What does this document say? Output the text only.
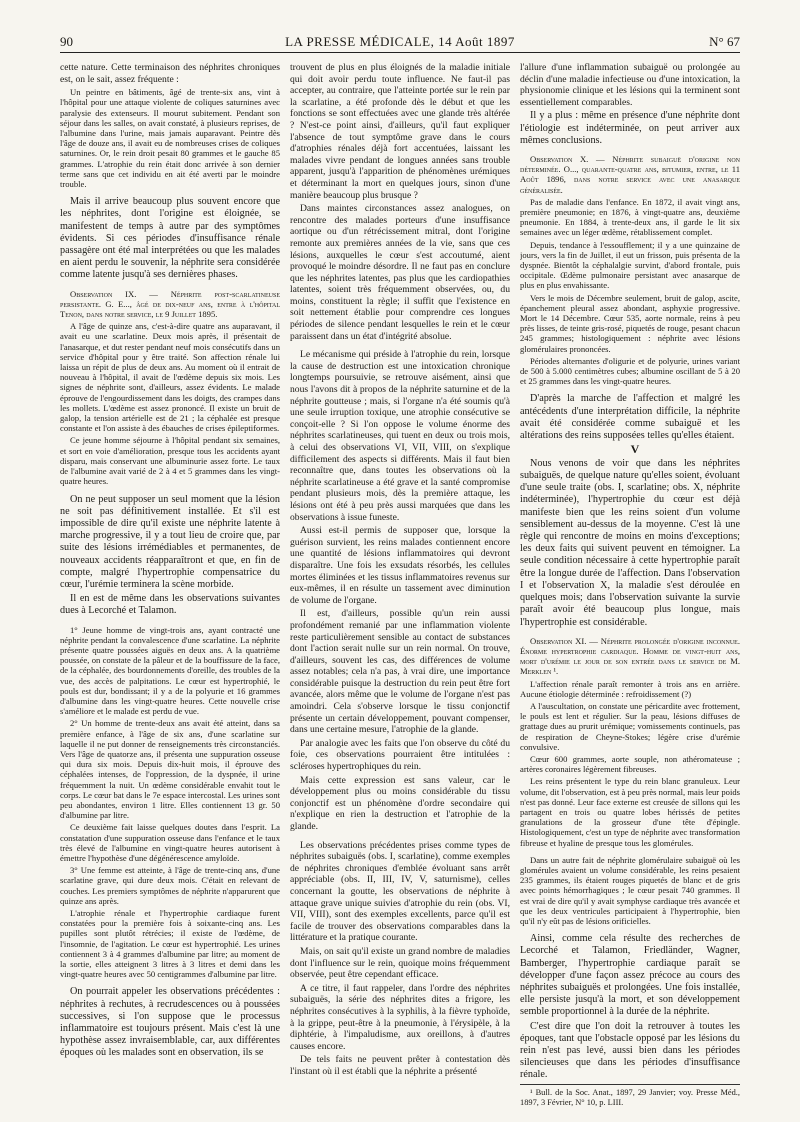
90	LA PRESSE MÉDICALE, 14 Août 1897	N° 67

cette nature. Cette terminaison des néphrites chroniques est, on le sait, assez fréquente :

Un peintre en bâtiments, âgé de trente-six ans, vint à l'hôpital pour une attaque violente de coliques saturnines avec paralysie des extenseurs. Il mourut subitement. Pendant son séjour dans les salles, on avait constaté, à plusieurs reprises, de l'albumine dans l'urine, mais jamais auparavant. Peintre dès l'âge de douze ans, il avait eu de nombreuses crises de coliques saturnines. Or, le rein droit pesait 80 grammes et le gauche 85 grammes. L'atrophie du rein était donc arrivée à son dernier terme sans que cet individu en ait été averti par le moindre trouble.

Mais il arrive beaucoup plus souvent encore que les néphrites, dont l'origine est éloignée, se manifestent de temps à autre par des symptômes évidents. Si ces périodes d'insuffisance rénale passagère ont été mal interprétées ou que les malades en aient perdu le souvenir, la néphrite sera considérée comme latente jusqu'à ses dernières phases.

Observation IX. — Néphrite post-scarlatineuse persistante. G. E..., âgé de dix-neuf ans, entre à l'hôpital Tenon, dans notre service, le 9 Juillet 1895.

A l'âge de quinze ans, c'est-à-dire quatre ans auparavant, il avait eu une scarlatine. Deux mois après, il présentait de l'anasarque, et dut rester pendant neuf mois consécutifs dans un service d'hôpital pour y être traité. Son affection rénale lui laissa un répit de plus de deux ans. Au moment où il entrait de nouveau à l'hôpital, il avait de l'œdème depuis six mois. Les signes de néphrite sont, d'ailleurs, assez évidents. Le malade éprouve de l'engourdissement dans les doigts, des crampes dans les mollets. L'œdème est assez prononcé. Il existe un bruit de galop, la tension artérielle est de 21 ; la céphalée est presque constante et l'on assiste à des ébauches de crises épileptiformes.

Ce jeune homme séjourne à l'hôpital pendant six semaines, et sort en voie d'amélioration, presque tous les accidents ayant disparu, mais conservant une albuminurie assez forte. Le taux de l'albumine avait varié de 2 à 4 et 5 grammes dans les vingt-quatre heures.

On ne peut supposer un seul moment que la lésion ne soit pas définitivement installée. Et s'il est impossible de dire qu'il existe une néphrite latente à marche progressive, il y a tout lieu de croire que, par suite des lésions irrémédiables et permanentes, de nouveaux accidents réapparaîtront et que, en fin de compte, malgré l'hypertrophie compensatrice du cœur, l'urémie terminera la scène morbide.

Il en est de même dans les observations suivantes dues à Lecorché et Talamon.

1° Jeune homme de vingt-trois ans, ayant contracté une néphrite pendant la convalescence d'une scarlatine. La néphrite présente quatre poussées aiguës en deux ans. A la quatrième poussée, on constate de la pâleur et de la bouffissure de la face, de la céphalée, des bourdonnements d'oreille, des troubles de la vue, des accès de palpitations. Le cœur est hypertrophié, le pouls est dur, bondissant; il y a de la polyurie et 16 grammes d'albumine dans les vingt-quatre heures. Cette nouvelle crise s'améliore et le malade est perdu de vue.

2° Un homme de trente-deux ans avait été atteint, dans sa première enfance, à l'âge de six ans, d'une scarlatine sur laquelle il ne put donner de renseignements très circonstanciés. Vers l'âge de quatorze ans, il présenta une suppuration osseuse qui dura six mois. Depuis dix-huit mois, il éprouve des céphalées intenses, de l'oppression, de la dyspnée, il urine fréquemment la nuit. Un œdème considérable envahit tout le corps. Le cœur bat dans le 7e espace intercostal. Les urines sont peu abondantes, environ 1 litre. Elles contiennent 13 gr. 50 d'albumine par litre.

Ce deuxième fait laisse quelques doutes dans l'esprit. La constatation d'une suppuration osseuse dans l'enfance et le taux très élevé de l'albumine en vingt-quatre heures autorisent à émettre l'hypothèse d'une dégénérescence amyloïde.

3° Une femme est atteinte, à l'âge de trente-cinq ans, d'une scarlatine grave, qui dure deux mois. C'était en relevant de couches. Les premiers symptômes de néphrite n'apparurent que quinze ans après.

L'atrophie rénale et l'hypertrophie cardiaque furent constatées pour la première fois à soixante-cinq ans. Les pupilles sont plutôt rétrécies; il existe de l'œdème, de l'insomnie, de l'agitation. Le cœur est hypertrophié. Les urines contiennent 3 à 4 grammes d'albumine par litre; au moment de la sortie, elles atteignent 3 litres à 3 litres et demi dans les vingt-quatre heures avec 50 centigrammes d'albumine par litre.

On pourrait appeler les observations précédentes : néphrites à rechutes, à recrudescences ou à poussées successives, si l'on suppose que le processus inflammatoire est toujours présent. Mais c'est là une hypothèse assez invraisemblable, car, aux différentes époques où les malades sont en observation, ils se

trouvent de plus en plus éloignés de la maladie initiale qui doit avoir perdu toute influence. Ne faut-il pas accepter, au contraire, que l'atteinte portée sur le rein par la scarlatine, a été profonde dès le début et que les fonctions se sont effectuées avec une glande très altérée ? N'est-ce point ainsi, d'ailleurs, qu'il faut expliquer l'absence de tout symptôme grave dans le cours d'atrophies rénales déjà fort accentuées, laissant les malades vivre pendant de longues années sans trouble apparent, jusqu'à l'apparition de phénomènes urémiques et déterminant la mort en quelques jours, sinon d'une manière beaucoup plus brusque ?

Dans maintes circonstances assez analogues, on rencontre des malades porteurs d'une insuffisance aortique ou d'un rétrécissement mitral, dont l'origine remonte aux premières années de la vie, sans que ces lésions, auxquelles le cœur s'est accoutumé, aient provoqué le moindre désordre. Il ne faut pas en conclure que les néphrites latentes, pas plus que les cardiopathies latentes, soient très fréquemment observées, ou, du moins, constituent la règle; il suffit que l'existence en soit nettement établie pour comprendre ces longues périodes de silence pendant lesquelles le rein et le cœur paraissent dans un état d'intégrité absolue.

Le mécanisme qui préside à l'atrophie du rein, lorsque la cause de destruction est une intoxication chronique longtemps poursuivie, se retrouve aisément, ainsi que nous l'avons dit à propos de la néphrite saturnine et de la néphrite goutteuse ; mais, si l'organe n'a été soumis qu'à une seule irruption toxique, une atrophie consécutive se conçoit-elle ? Si l'on oppose le volume énorme des néphrites scarlatineuses, qui tuent en deux ou trois mois, à celui des observations VI, VII, VIII, on s'explique difficilement des aspects si différents. Mais il faut bien reconnaître que, dans toutes les observations où la néphrite scarlatineuse a été grave et la santé compromise pendant plusieurs mois, dès la première attaque, les lésions ont été à peu près aussi marquées que dans les observations à issue funeste.

Aussi est-il permis de supposer que, lorsque la guérison survient, les reins malades contiennent encore une quantité de lésions inflammatoires qui devront disparaître. Une fois les exsudats résorbés, les cellules mortes éliminées et les tissus inflammatoires revenus sur eux-mêmes, il en résulte un tassement avec diminution de volume de l'organe.

Il est, d'ailleurs, possible qu'un rein aussi profondément remanié par une inflammation violente reste particulièrement sensible au contact de substances dont l'action serait nulle sur un rein normal. On trouve, d'ailleurs, souvent les cas, des différences de volume assez notables; cela n'a pas, à vrai dire, une importance considérable puisque la destruction du rein peut être fort avancée, alors même que le volume de l'organe n'est pas amoindri. Cela s'observe lorsque le tissu conjonctif présente un certain développement, pouvant compenser, dans une certaine mesure, l'atrophie de la glande.

Par analogie avec les faits que l'on observe du côté du foie, ces observations pourraient être intitulées : scléroses hypertrophiques du rein.

Mais cette expression est sans valeur, car le développement plus ou moins considérable du tissu conjonctif est un phénomène d'ordre secondaire qui n'explique en rien la destruction et l'atrophie de la glande.

Les observations précédentes prises comme types de néphrites subaiguës (obs. I, scarlatine), comme exemples de néphrites chroniques d'emblée évoluant sans arrêt appréciable (obs. II, III, IV, V, saturnisme), celles concernant la goutte, les observations de néphrite à attaque grave unique suivies d'atrophie du rein (obs. VI, VII, VIII), sont des exemples excellents, parce qu'il est facile de trouver des observations comparables dans la littérature et la pratique courante.

Mais, on sait qu'il existe un grand nombre de maladies dont l'influence sur le rein, quoique moins fréquemment observée, peut être cependant efficace.

A ce titre, il faut rappeler, dans l'ordre des néphrites subaiguës, la série des néphrites dites a frigore, les néphrites consécutives à la syphilis, à la fièvre typhoïde, à la grippe, peut-être à la pneumonie, à l'érysipèle, à la diphtérie, à l'impaludisme, aux oreillons, à d'autres causes encore.

De tels faits ne peuvent prêter à contestation dès l'instant où il est établi que la néphrite a présenté

l'allure d'une inflammation subaiguë ou prolongée au déclin d'une maladie infectieuse ou d'une intoxication, la physionomie clinique et les lésions qui la terminent sont essentiellement comparables.

Il y a plus : même en présence d'une néphrite dont l'étiologie est indéterminée, on peut arriver aux mêmes conclusions.

Observation X. — Néphrite subaiguë d'origine non déterminée. O..., quarante-quatre ans, bitumier, entre, le 11 Août 1896, dans notre service avec une anasarque généralisée.

Pas de maladie dans l'enfance. En 1872, il avait vingt ans, première pneumonie; en 1876, à vingt-quatre ans, deuxième pneumonie. En 1884, à trente-deux ans, il garde le lit six semaines avec un léger œdème, rétablissement complet.

Depuis, tendance à l'essoufflement; il y a une quinzaine de jours, vers la fin de Juillet, il eut un frisson, puis présenta de la dyspnée. Bientôt la céphalalgie survint, d'abord frontale, puis occipitale. Œdème pulmonaire persistant avec anasarque de plus en plus envahissante.

Vers le mois de Décembre seulement, bruit de galop, ascite, épanchement pleural assez abondant, asphyxie progressive. Mort le 14 Décembre. Cœur 535, aorte normale, reins à peu près lisses, de teinte gris-rosé, piquetés de rouge, pesant chacun 245 grammes; histologiquement : néphrite avec lésions glomérulaires prononcées.

Périodes alternantes d'oligurie et de polyurie, urines variant de 500 à 5.000 centimètres cubes; albumine oscillant de 5 à 20 et 25 grammes dans les vingt-quatre heures.

D'après la marche de l'affection et malgré les antécédents d'une interprétation difficile, la néphrite avait été considérée comme subaiguë et les altérations des reins supposées telles qu'elles étaient.

V

Nous venons de voir que dans les néphrites subaiguës, de quelque nature qu'elles soient, évoluant d'une seule traite (obs. I, scarlatine; obs. X, néphrite indéterminée), l'hypertrophie du cœur est déjà manifeste bien que les reins soient d'un volume sensiblement au-dessus de la moyenne. C'est là une règle qui rencontre de moins en moins d'exceptions; les deux faits qui suivent peuvent en témoigner. La seule condition nécessaire à cette hypertrophie paraît être la longue durée de l'affection. Dans l'observation I et l'observation X, la maladie s'est déroulée en quelques mois; dans l'observation suivante la survie paraît avoir été beaucoup plus longue, mais l'hypertrophie est considérable.

Observation XI. — Néphrite prolongée d'origine inconnue. Énorme hypertrophie cardiaque. Homme de vingt-huit ans, mort d'urémie le jour de son entrée dans le service de M. Merklen ¹.

L'affection rénale paraît remonter à trois ans en arrière. Aucune étiologie déterminée : refroidissement (?)

A l'auscultation, on constate une péricardite avec frottement, le pouls est lent et régulier. Sur la peau, lésions diffuses de grattage dues au prurit urémique; vomissements continuels, pas de respiration de Cheyne-Stokes; légère crise d'urémie convulsive.

Cœur 600 grammes, aorte souple, non athéromateuse ; artères coronaires légèrement fibreuses.

Les reins présentent le type du rein blanc granuleux. Leur volume, dit l'observation, est à peu près normal, mais leur poids n'est pas donné. Leur face externe est creusée de sillons qui les partagent en trois ou quatre lobes hérissés de petites granulations de la grosseur d'une tête d'épingle. Histologiquement, c'est un type de néphrite avec transformation fibreuse et hyaline de presque tous les glomérules.

Dans un autre fait de néphrite glomérulaire subaiguë où les glomérules avaient un volume considérable, les reins pesaient 235 grammes, ils étaient rouges piquetés de blanc et de gris avec points hémorrhagiques ; le cœur pesait 740 grammes. Il est vrai de dire qu'il y avait symphyse cardiaque très avancée et que les deux ventricules participaient à l'hypertrophie, bien qu'il n'y eût pas de lésions orificielles.

Ainsi, comme cela résulte des recherches de Lecorché et Talamon, Friedländer, Wagner, Bamberger, l'hypertrophie cardiaque paraît se développer d'une façon assez précoce au cours des néphrites subaiguës et prolongées. Une fois installée, elle persiste jusqu'à la mort, et son développement semble proportionnel à la durée de la néphrite.

C'est dire que l'on doit la retrouver à toutes les époques, tant que l'obstacle opposé par les lésions du rein n'est pas levé, aussi bien dans les périodes silencieuses que dans les périodes d'insuffisance rénale.

¹ Bull. de la Soc. Anat., 1897, 29 Janvier; voy. Presse Méd., 1897, 3 Février, N° 10, p. LIII.
